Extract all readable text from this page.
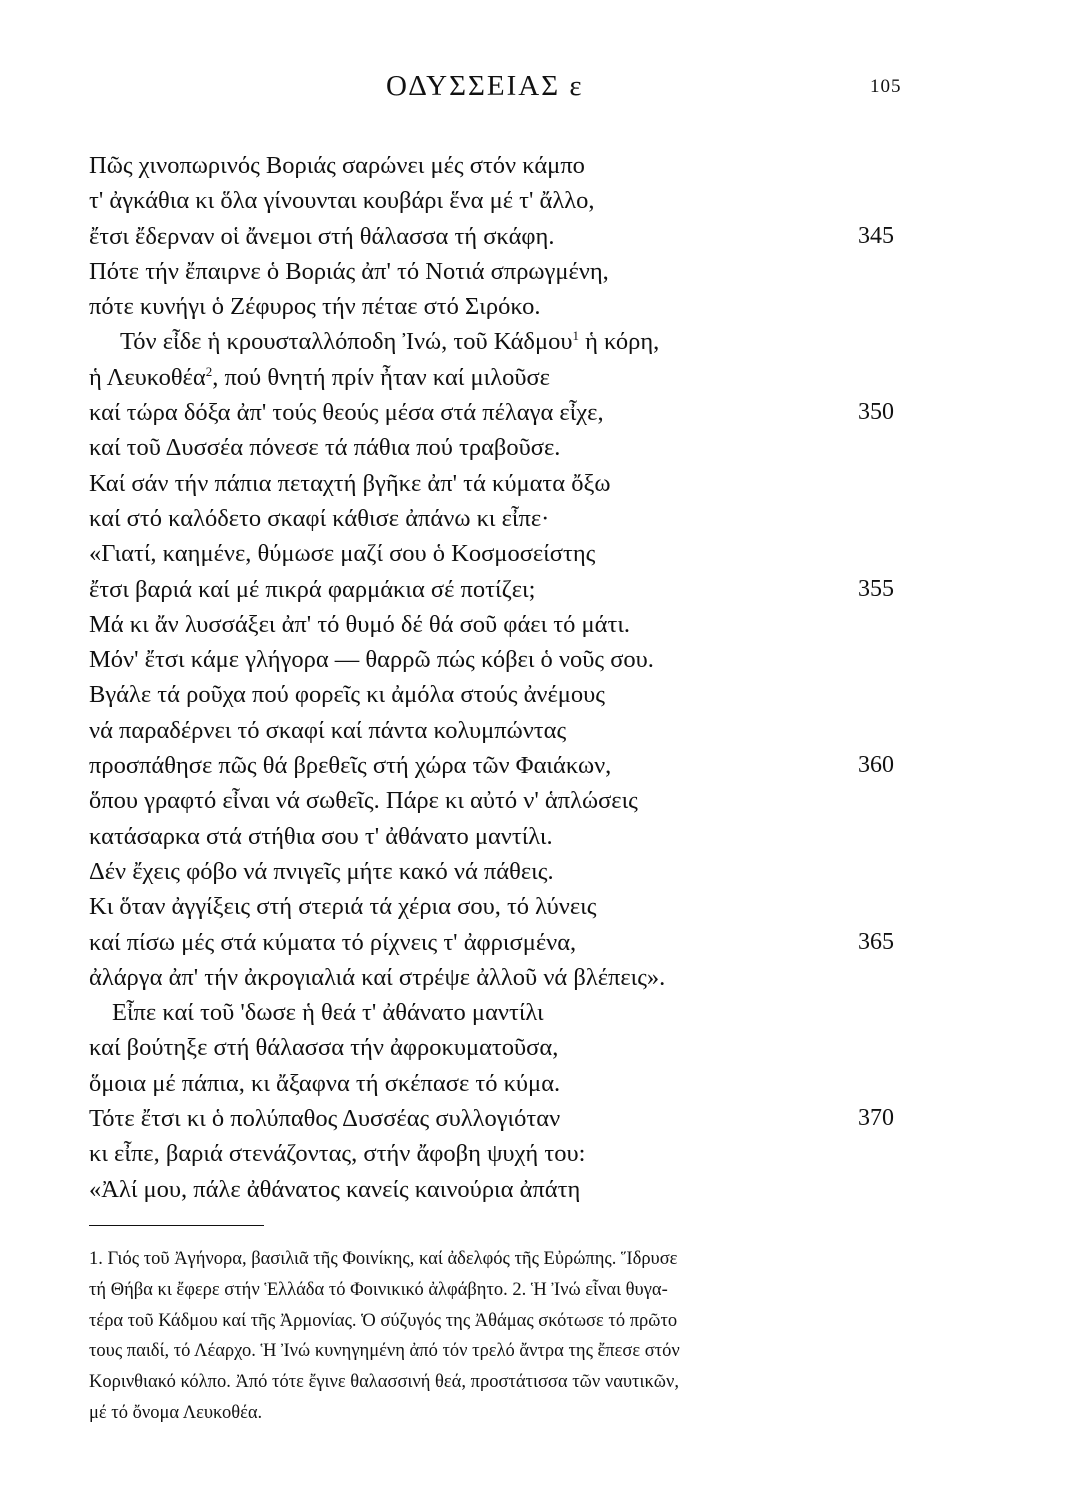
ΟΔΥΣΣΕΙΑΣ ε	105
Πῶς χινοπωρινός Βοριάς σαρώνει μές στόν κάμπο
τ' ἀγκάθια κι ὅλα γίνουνται κουβάρι ἕνα μέ τ' ἄλλο,
ἔτσι ἔδερναν οἱ ἄνεμοι στή θάλασσα τή σκάφη.	345
Πότε τήν ἔπαιρνε ὁ Βοριάς ἀπ' τό Νοτιά σπρωγμένη,
πότε κυνήγι ὁ Ζέφυρος τήν πέταε στό Σιρόκο.
Τόν εἶδε ἡ κρουσταλλόποδη Ἰνώ, τοῦ Κάδμου$^1$ ἡ κόρη,
ἡ Λευκοθέα$^2$, πού θνητή πρίν ἦταν καί μιλοῦσε
καί τώρα δόξα ἀπ' τούς θεούς μέσα στά πέλαγα εἶχε,	350
καί τοῦ Δυσσέα πόνεσε τά πάθια πού τραβοῦσε.
Καί σάν τήν πάπια πεταχτή βγῆκε ἀπ' τά κύματα ὄξω
καί στό καλόδετο σκαφί κάθισε ἀπάνω κι εἶπε·
«Γιατί, καημένε, θύμωσε μαζί σου ὁ Κοσμοσείστης
ἔτσι βαριά καί μέ πικρά φαρμάκια σέ ποτίζει;	355
Μά κι ἄν λυσσάξει ἀπ' τό θυμό δέ θά σοῦ φάει τό μάτι.
Μόν' ἔτσι κάμε γλήγορα — θαρρῶ πώς κόβει ὁ νοῦς σου.
Βγάλε τά ροῦχα πού φορεῖς κι ἀμόλα στούς ἀνέμους
νά παραδέρνει τό σκαφί καί πάντα κολυμπώντας
προσπάθησε πῶς θά βρεθεῖς στή χώρα τῶν Φαιάκων,	360
ὅπου γραφτό εἶναι νά σωθεῖς. Πάρε κι αὐτό ν' ἁπλώσεις
κατάσαρκα στά στήθια σου τ' ἀθάνατο μαντίλι.
Δέν ἔχεις φόβο νά πνιγεῖς μήτε κακό νά πάθεις.
Κι ὅταν ἀγγίξεις στή στεριά τά χέρια σου, τό λύνεις
καί πίσω μές στά κύματα τό ρίχνεις τ' ἀφρισμένα,	365
ἀλάργα ἀπ' τήν ἀκρογιαλιά καί στρέψε ἀλλοῦ νά βλέπεις».
Εἶπε καί τοῦ 'δωσε ἡ θεά τ' ἀθάνατο μαντίλι
καί βούτηξε στή θάλασσα τήν ἀφροκυματοῦσα,
ὅμοια μέ πάπια, κι ἄξαφνα τή σκέπασε τό κύμα.
Τότε ἔτσι κι ὁ πολύπαθος Δυσσέας συλλογιόταν	370
κι εἶπε, βαριά στενάζοντας, στήν ἄφοβη ψυχή του:
«Ἀλί μου, πάλε ἀθάνατος κανείς καινούρια ἀπάτη
1. Γιός τοῦ Ἀγήνορα, βασιλιᾶ τῆς Φοινίκης, καί ἀδελφός τῆς Εὐρώπης. Ἵδρυσε
τή Θήβα κι ἔφερε στήν Ἑλλάδα τό Φοινικικό ἀλφάβητο. 2. Ἡ Ἰνώ εἶναι θυγα-
τέρα τοῦ Κάδμου καί τῆς Ἀρμονίας. Ὁ σύζυγός της Ἀθάμας σκότωσε τό πρῶτο
τους παιδί, τό Λέαρχο. Ἡ Ἰνώ κυνηγημένη ἀπό τόν τρελό ἄντρα της ἔπεσε στόν
Κορινθιακό κόλπο. Ἀπό τότε ἔγινε θαλασσινή θεά, προστάτισσα τῶν ναυτικῶν,
μέ τό ὄνομα Λευκοθέα.
